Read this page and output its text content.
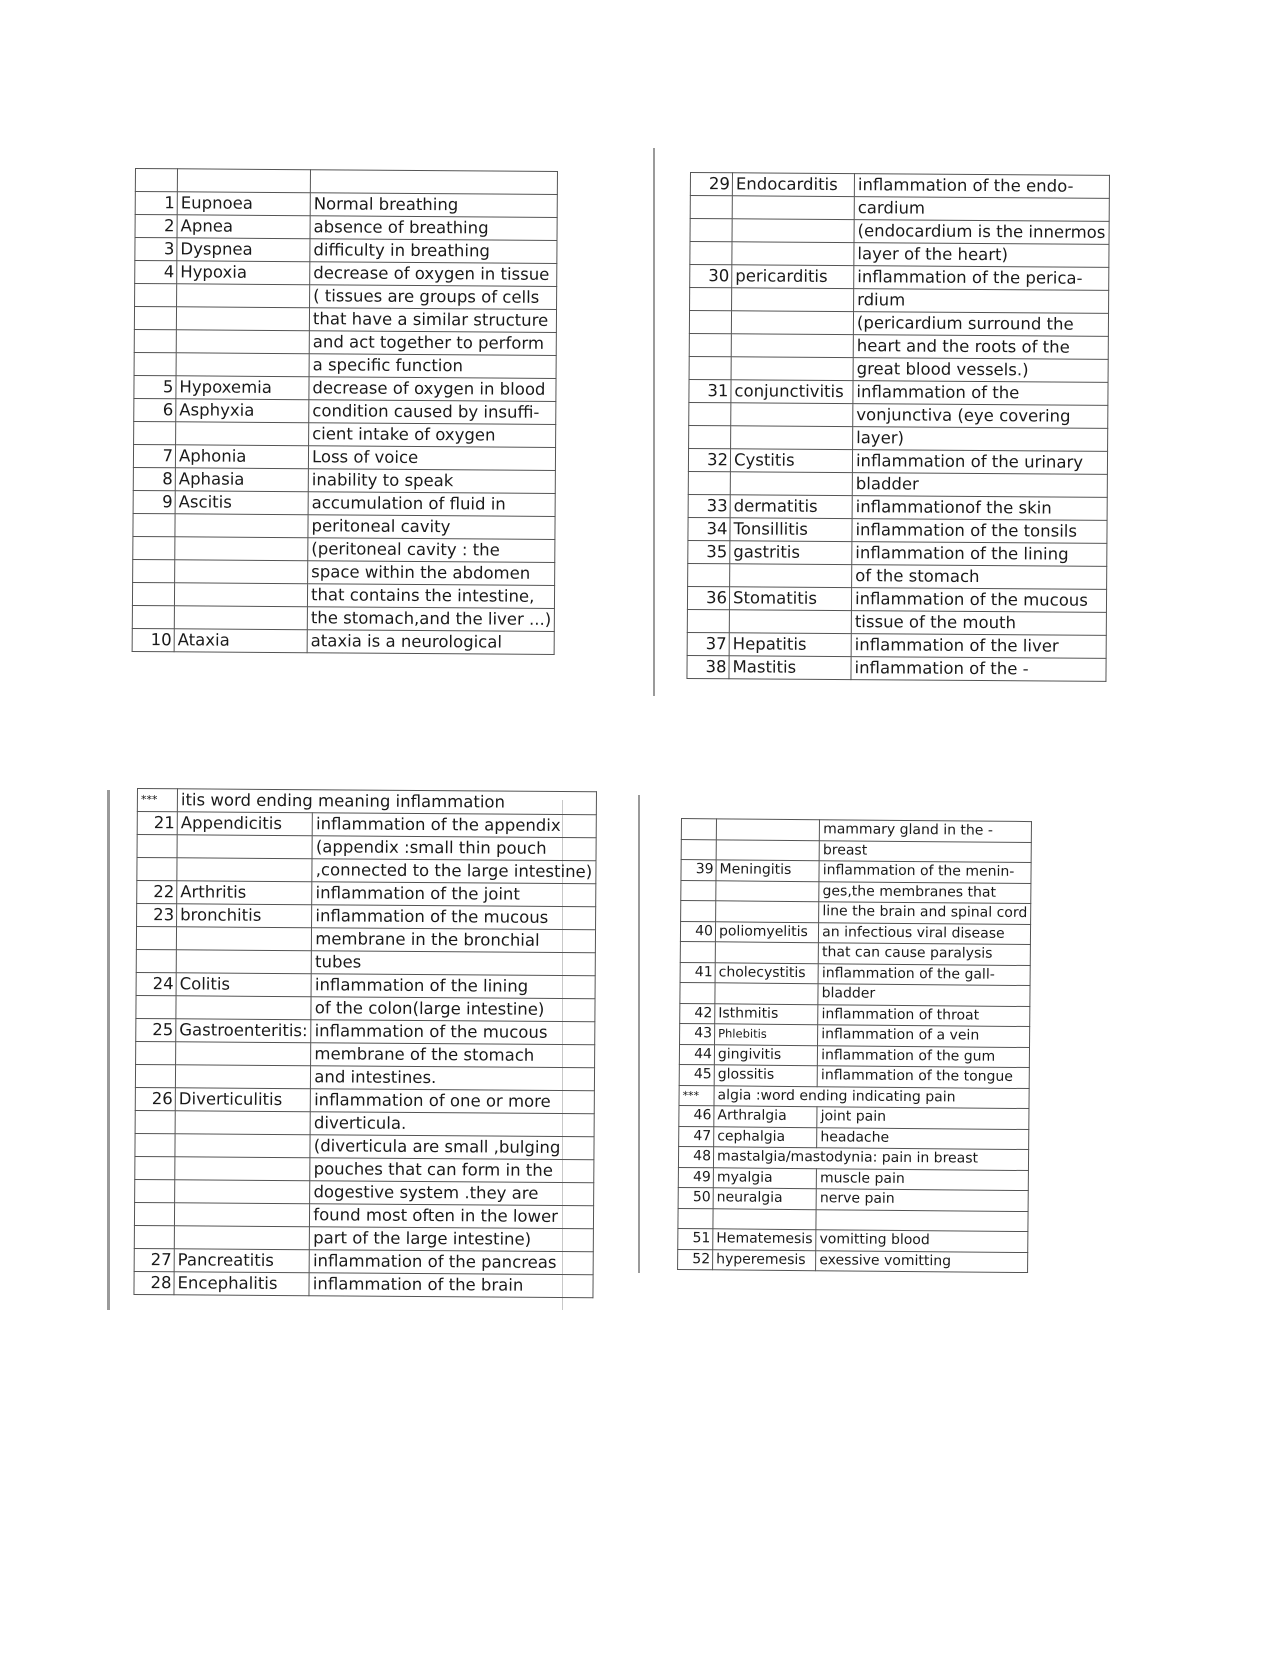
1	Eupnoea	Normal breathing
2	Apnea	absence of breathing
3	Dyspnea	difficulty in breathing
4	Hypoxia	decrease of oxygen in tissue
		( tissues are groups of cells
		that have a similar structure
		and act together to perform
		a specific function
5	Hypoxemia	decrease of oxygen in blood
6	Asphyxia	condition caused by insuffi-
		cient intake of oxygen
7	Aphonia	Loss of voice
8	Aphasia	inability to speak
9	Ascitis	accumulation of fluid in
		peritoneal cavity
		(peritoneal cavity : the
		space within the abdomen
		that contains the intestine,
		the stomach,and the liver ...)
10	Ataxia	ataxia is a neurological
29	Endocarditis	inflammation of the endo-
		cardium
		(endocardium is the innermos
		layer of the heart)
30	pericarditis	inflammation of the perica-
		rdium
		(pericardium surround the
		heart and the roots of the
		great blood vessels.)
31	conjunctivitis	inflammation of the
		vonjunctiva (eye covering
		layer)
32	Cystitis	inflammation of the urinary
		bladder
33	dermatitis	inflammationof the skin
34	Tonsillitis	inflammation of the tonsils
35	gastritis	inflammation of the lining
		of the stomach
36	Stomatitis	inflammation of the mucous
		tissue of the mouth
37	Hepatitis	inflammation of the liver
38	Mastitis	inflammation of the -
***	itis word ending meaning inflammation	
21	Appendicitis	inflammation of the appendix
		(appendix :small thin pouch
		,connected to the large intestine)
22	Arthritis	inflammation of the joint
23	bronchitis	inflammation of the mucous
		membrane in the bronchial
		tubes
24	Colitis	inflammation of the lining
		of the colon(large intestine)
25	Gastroenteritis:	inflammation of the mucous
		membrane of the stomach
		and intestines.
26	Diverticulitis	inflammation of one or more
		diverticula.
		(diverticula are small ,bulging
		pouches that can form in the
		dogestive system .they are
		found most often in the lower
		part of the large intestine)
27	Pancreatitis	inflammation of the pancreas
28	Encephalitis	inflammation of the brain
		mammary gland in the -
		breast
39	Meningitis	inflammation of the menin-
		ges,the membranes that
		line the brain and spinal cord
40	poliomyelitis	an infectious viral disease
		that can cause paralysis
41	cholecystitis	inflammation of the gall-
		bladder
42	Isthmitis	inflammation of throat
43	Phlebitis	inflammation of a vein
44	gingivitis	inflammation of the gum
45	glossitis	inflammation of the tongue
***	algia :word ending indicating pain	
46	Arthralgia	joint pain
47	cephalgia	headache
48	mastalgia/mastodynia: pain in breast	
49	myalgia	muscle pain
50	neuralgia	nerve pain

51	Hematemesis	vomitting blood
52	hyperemesis	exessive vomitting
